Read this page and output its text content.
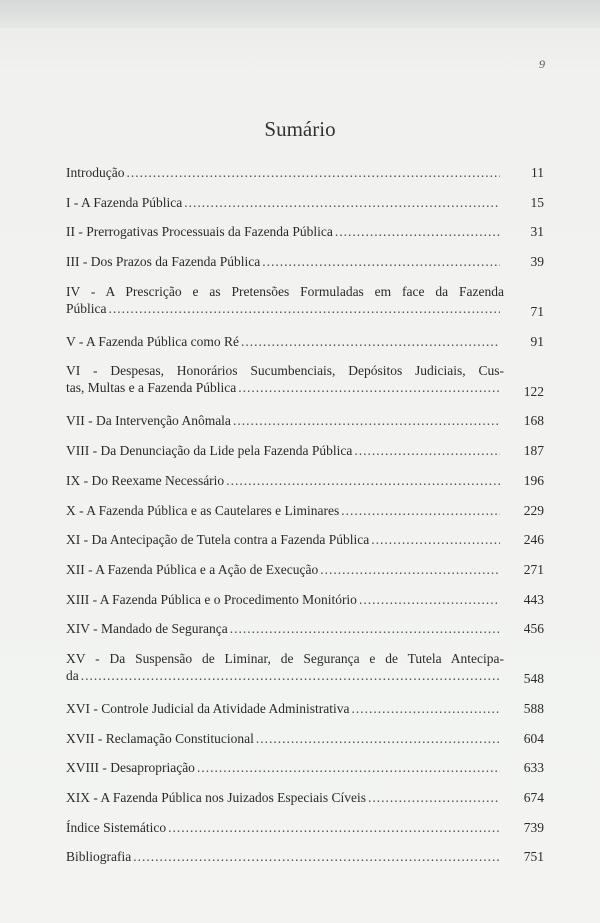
9
Sumário
Introdução .....	11
I - A Fazenda Pública .....	15
II - Prerrogativas Processuais da Fazenda Pública .....	31
III - Dos Prazos da Fazenda Pública .....	39
IV - A Prescrição e as Pretensões Formuladas em face da Fazenda
Pública .....	71
V - A Fazenda Pública como Ré .....	91
VI - Despesas, Honorários Sucumbenciais, Depósitos Judiciais, Cus-
tas, Multas e a Fazenda Pública .....	122
VII - Da Intervenção Anômala .....	168
VIII - Da Denunciação da Lide pela Fazenda Pública .....	187
IX - Do Reexame Necessário .....	196
X - A Fazenda Pública e as Cautelares e Liminares .....	229
XI - Da Antecipação de Tutela contra a Fazenda Pública .....	246
XII - A Fazenda Pública e a Ação de Execução .....	271
XIII - A Fazenda Pública e o Procedimento Monitório .....	443
XIV - Mandado de Segurança .....	456
XV - Da Suspensão de Liminar, de Segurança e de Tutela Antecipa-
da .....	548
XVI - Controle Judicial da Atividade Administrativa .....	588
XVII - Reclamação Constitucional .....	604
XVIII - Desapropriação .....	633
XIX - A Fazenda Pública nos Juizados Especiais Cíveis .....	674
Índice Sistemático .....	739
Bibliografia .....	751
